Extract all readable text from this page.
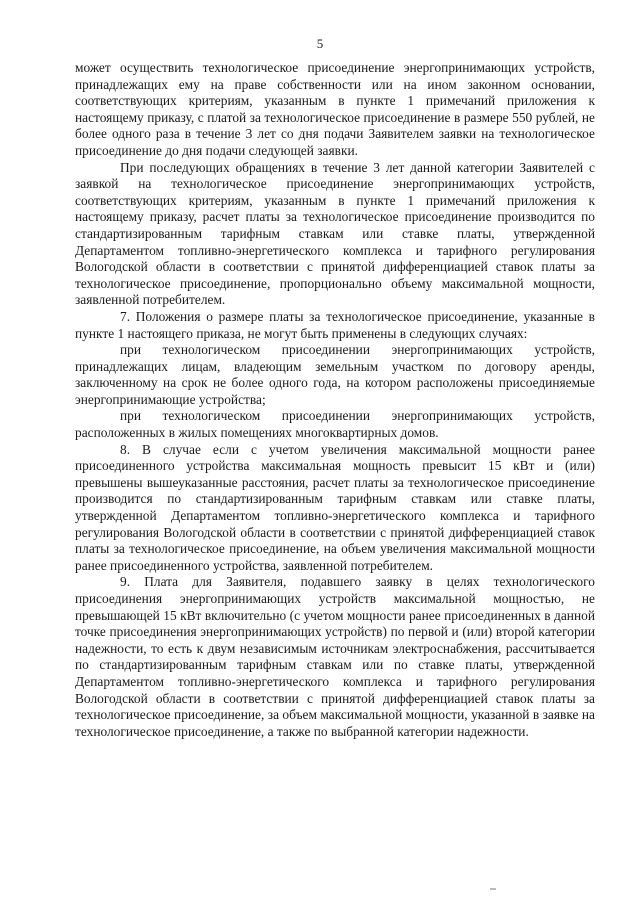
5

может осуществить технологическое присоединение энергопринимающих устройств, принадлежащих ему на праве собственности или на ином законном основании, соответствующих критериям, указанным в пункте 1 примечаний приложения к настоящему приказу, с платой за технологическое присоединение в размере 550 рублей, не более одного раза в течение 3 лет со дня подачи Заявителем заявки на технологическое присоединение до дня подачи следующей заявки.

При последующих обращениях в течение 3 лет данной категории Заявителей с заявкой на технологическое присоединение энергопринимающих устройств, соответствующих критериям, указанным в пункте 1 примечаний приложения к настоящему приказу, расчет платы за технологическое присоединение производится по стандартизированным тарифным ставкам или ставке платы, утвержденной Департаментом топливно-энергетического комплекса и тарифного регулирования Вологодской области в соответствии с принятой дифференциацией ставок платы за технологическое присоединение, пропорционально объему максимальной мощности, заявленной потребителем.

7. Положения о размере платы за технологическое присоединение, указанные в пункте 1 настоящего приказа, не могут быть применены в следующих случаях:

при технологическом присоединении энергопринимающих устройств, принадлежащих лицам, владеющим земельным участком по договору аренды, заключенному на срок не более одного года, на котором расположены присоединяемые энергопринимающие устройства;

при технологическом присоединении энергопринимающих устройств, расположенных в жилых помещениях многоквартирных домов.

8. В случае если с учетом увеличения максимальной мощности ранее присоединенного устройства максимальная мощность превысит 15 кВт и (или) превышены вышеуказанные расстояния, расчет платы за технологическое присоединение производится по стандартизированным тарифным ставкам или ставке платы, утвержденной Департаментом топливно-энергетического комплекса и тарифного регулирования Вологодской области в соответствии с принятой дифференциацией ставок платы за технологическое присоединение, на объем увеличения максимальной мощности ранее присоединенного устройства, заявленной потребителем.

9. Плата для Заявителя, подавшего заявку в целях технологического присоединения энергопринимающих устройств максимальной мощностью, не превышающей 15 кВт включительно (с учетом мощности ранее присоединенных в данной точке присоединения энергопринимающих устройств) по первой и (или) второй категории надежности, то есть к двум независимым источникам электроснабжения, рассчитывается по стандартизированным тарифным ставкам или по ставке платы, утвержденной Департаментом топливно-энергетического комплекса и тарифного регулирования Вологодской области в соответствии с принятой дифференциацией ставок платы за технологическое присоединение, за объем максимальной мощности, указанной в заявке на технологическое присоединение, а также по выбранной категории надежности.
